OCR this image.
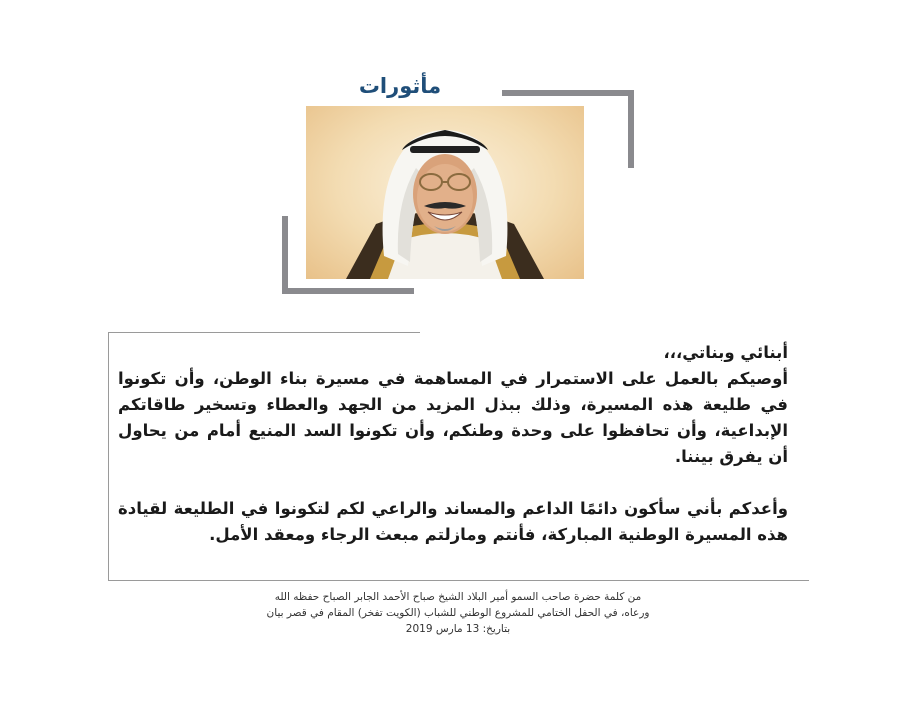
مأثورات

أبنائي وبناتي،،،

أوصيكم بالعمل على الاستمرار في المساهمة في مسيرة بناء الوطن، وأن تكونوا في طليعة هذه المسيرة، وذلك ببذل المزيد من الجهد والعطاء وتسخير طاقاتكم الإبداعية، وأن تحافظوا على وحدة وطنكم، وأن تكونوا السد المنيع أمام من يحاول أن يفرق بيننا.

وأعدكم بأني سأكون دائمًا الداعم والمساند والراعي لكم لتكونوا في الطليعة لقيادة هذه المسيرة الوطنية المباركة، فأنتم ومازلتم مبعث الرجاء ومعقد الأمل.

من كلمة حضرة صاحب السمو أمير البلاد الشيخ صباح الأحمد الجابر الصباح حفظه الله
ورعاه، في الحفل الختامي للمشروع الوطني للشباب (الكويت تفخر) المقام في قصر بيان
بتاريخ: 13 مارس 2019
